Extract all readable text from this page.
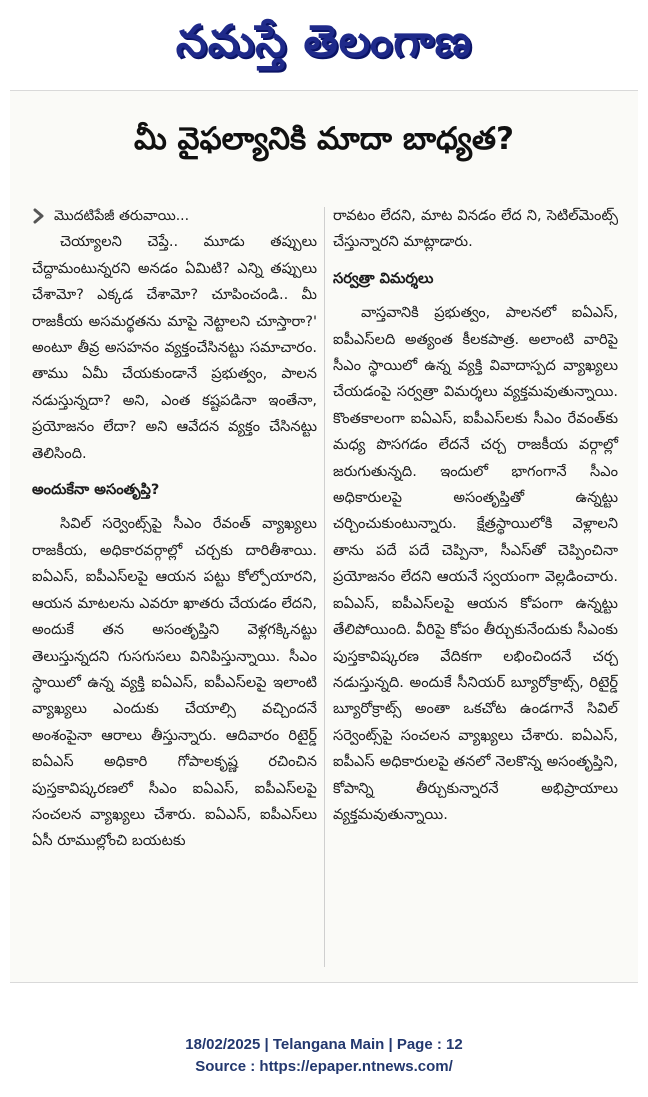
నమస్తే తెలంగాణ
మీ వైఫల్యానికి మాదా బాధ్యత?
మొదటిపేజీ తరువాయి...

చెయ్యాలని చెప్తే.. మూడు తప్పులు చేద్దామంటున్నరని అనడం ఏమిటి? ఎన్ని తప్పులు చేశామో? ఎక్కడ చేశామో? చూపించండి.. మీ రాజకీయ అసమర్థతను మాపై నెట్టాలని చూస్తారా?' అంటూ తీవ్ర అసహనం వ్యక్తంచేసినట్టు సమాచారం. తాము ఏమీ చేయకుండానే ప్రభుత్వం, పాలన నడుస్తున్నదా? అని, ఎంత కష్టపడినా ఇంతేనా, ప్రయోజనం లేదా? అని ఆవేదన వ్యక్తం చేసినట్టు తెలిసింది.

అందుకేనా అసంతృప్తి?

సివిల్ సర్వెంట్స్‌పై సీఎం రేవంత్ వ్యాఖ్యలు రాజకీయ, అధికారవర్గాల్లో చర్చకు దారితీశాయి. ఐఏఎస్, ఐపీఎస్‌లపై ఆయన పట్టు కోల్పోయారని, ఆయన మాటలను ఎవరూ ఖాతరు చేయడం లేదని, అందుకే తన అసంతృప్తిని వెళ్లగక్కినట్టు తెలుస్తున్నదని గుసగుసలు వినిపిస్తున్నాయి. సీఎం స్థాయిలో ఉన్న వ్యక్తి ఐఏఎస్, ఐపీఎస్‌లపై ఇలాంటి వ్యాఖ్యలు ఎందుకు చేయాల్సి వచ్చిందనే అంశంపైనా ఆరాలు తీస్తున్నారు. ఆదివారం రిటైర్డ్ ఐఏఎస్ అధికారి గోపాలకృష్ణ రచించిన పుస్తకావిష్కరణలో సీఎం ఐఏఎస్, ఐపీఎస్‌లపై సంచలన వ్యాఖ్యలు చేశారు. ఐఏఎస్, ఐపీఎస్‌లు ఏసీ రూముల్లోంచి బయటకు

రావటం లేదని, మాట వినడం లేద ని, సెటిల్‌మెంట్స్ చేస్తున్నారని మాట్లాడారు.

సర్వత్రా విమర్శలు

వాస్తవానికి ప్రభుత్వం, పాలనలో ఐఏఎస్, ఐపీఎస్‌లది అత్యంత కీలకపాత్ర. అలాంటి వారిపై సీఎం స్థాయిలో ఉన్న వ్యక్తి వివాదాస్పద వ్యాఖ్యలు చేయడంపై సర్వత్రా విమర్శలు వ్యక్తమవుతున్నాయి. కొంతకాలంగా ఐఏఎస్, ఐపీఎస్‌లకు సీఎం రేవంత్‌కు మధ్య పొసగడం లేదనే చర్చ రాజకీయ వర్గాల్లో జరుగుతున్నది. ఇందులో భాగంగానే సీఎం అధికారులపై అసంతృప్తితో ఉన్నట్టు చర్చించుకుంటున్నారు. క్షేత్రస్థాయిలోకి వెళ్లాలని తాను పదే పదే చెప్పినా, సీఎస్‌తో చెప్పించినా ప్రయోజనం లేదని ఆయనే స్వయంగా వెల్లడించారు. ఐఏఎస్, ఐపీఎస్‌లపై ఆయన కోపంగా ఉన్నట్టు తేలిపోయింది. వీరిపై కోపం తీర్చుకునేందుకు సీఎంకు పుస్తకావిష్కరణ వేదికగా లభించిందనే చర్చ నడుస్తున్నది. అందుకే సీనియర్ బ్యూరోక్రాట్స్, రిటైర్డ్ బ్యూరోక్రాట్స్ అంతా ఒకచోట ఉండగానే సివిల్ సర్వెంట్స్‌పై సంచలన వ్యాఖ్యలు చేశారు. ఐఏఎస్, ఐపీఎస్ అధికారులపై తనలో నెలకొన్న అసంతృప్తిని, కోపాన్ని తీర్చుకున్నారనే అభిప్రాయాలు వ్యక్తమవుతున్నాయి.

18/02/2025 | Telangana Main | Page : 12
Source : https://epaper.ntnews.com/
